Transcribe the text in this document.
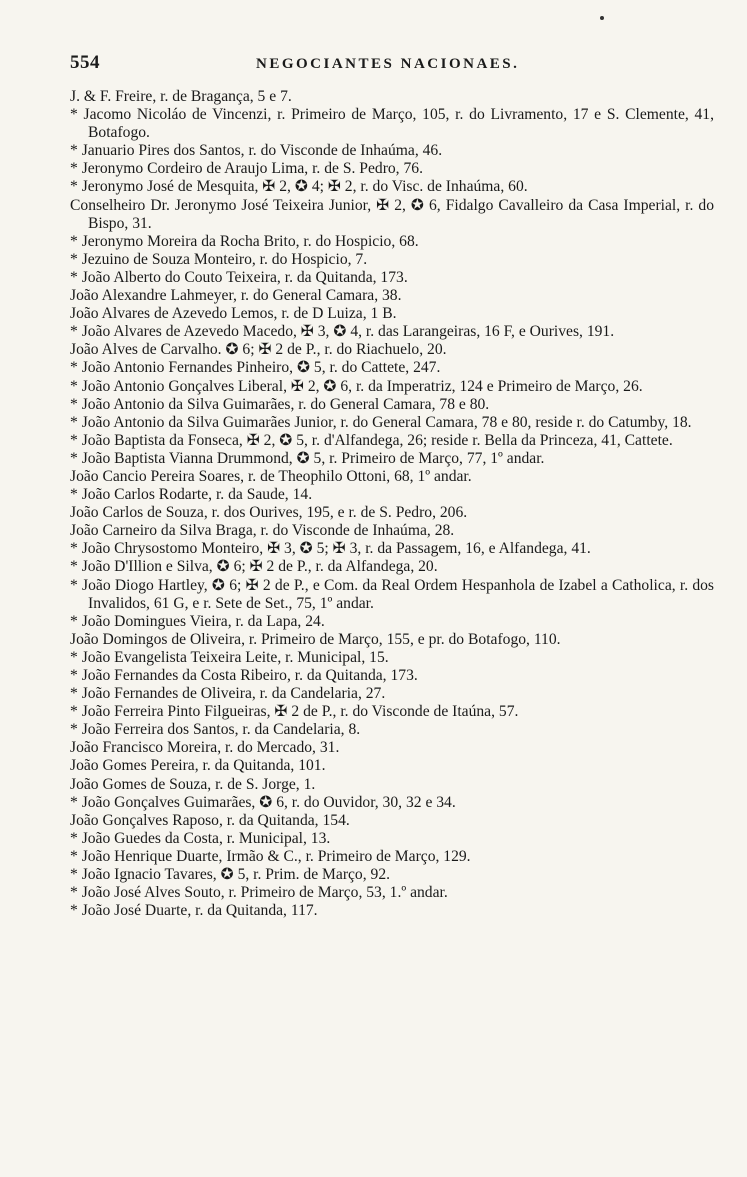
554	NEGOCIANTES NACIONAES.
J. & F. Freire, r. de Bragança, 5 e 7.
* Jacomo Nicoláo de Vincenzi, r. Primeiro de Março, 105, r. do Livramento, 17 e S. Clemente, 41, Botafogo.
* Januario Pires dos Santos, r. do Visconde de Inhaúma, 46.
* Jeronymo Cordeiro de Araujo Lima, r. de S. Pedro, 76.
* Jeronymo José de Mesquita, ✠ 2, ✪ 4; ✠ 2, r. do Visc. de Inhaúma, 60.
Conselheiro Dr. Jeronymo José Teixeira Junior, ✠ 2, ✪ 6, Fidalgo Cavalleiro da Casa Imperial, r. do Bispo, 31.
* Jeronymo Moreira da Rocha Brito, r. do Hospicio, 68.
* Jezuino de Souza Monteiro, r. do Hospicio, 7.
* João Alberto do Couto Teixeira, r. da Quitanda, 173.
João Alexandre Lahmeyer, r. do General Camara, 38.
João Alvares de Azevedo Lemos, r. de D Luiza, 1 B.
* João Alvares de Azevedo Macedo, ✠ 3, ✪ 4, r. das Larangeiras, 16 F, e Ourives, 191.
João Alves de Carvalho. ✪ 6; ✠ 2 de P., r. do Riachuelo, 20.
* João Antonio Fernandes Pinheiro, ✪ 5, r. do Cattete, 247.
* João Antonio Gonçalves Liberal, ✠ 2, ✪ 6, r. da Imperatriz, 124 e Primeiro de Março, 26.
* João Antonio da Silva Guimarães, r. do General Camara, 78 e 80.
* João Antonio da Silva Guimarães Junior, r. do General Camara, 78 e 80, reside r. do Catumby, 18.
* João Baptista da Fonseca, ✠ 2, ✪ 5, r. d'Alfandega, 26; reside r. Bella da Princeza, 41, Cattete.
* João Baptista Vianna Drummond, ✪ 5, r. Primeiro de Março, 77, 1º andar.
João Cancio Pereira Soares, r. de Theophilo Ottoni, 68, 1º andar.
* João Carlos Rodarte, r. da Saude, 14.
João Carlos de Souza, r. dos Ourives, 195, e r. de S. Pedro, 206.
João Carneiro da Silva Braga, r. do Visconde de Inhaúma, 28.
* João Chrysostomo Monteiro, ✠ 3, ✪ 5; ✠ 3, r. da Passagem, 16, e Alfandega, 41.
* João D'Illion e Silva, ✪ 6; ✠ 2 de P., r. da Alfandega, 20.
* João Diogo Hartley, ✪ 6; ✠ 2 de P., e Com. da Real Ordem Hespanhola de Izabel a Catholica, r. dos Invalidos, 61 G, e r. Sete de Set., 75, 1º andar.
* João Domingues Vieira, r. da Lapa, 24.
João Domingos de Oliveira, r. Primeiro de Março, 155, e pr. do Botafogo, 110.
* João Evangelista Teixeira Leite, r. Municipal, 15.
* João Fernandes da Costa Ribeiro, r. da Quitanda, 173.
* João Fernandes de Oliveira, r. da Candelaria, 27.
* João Ferreira Pinto Filgueiras, ✠ 2 de P., r. do Visconde de Itaúna, 57.
* João Ferreira dos Santos, r. da Candelaria, 8.
João Francisco Moreira, r. do Mercado, 31.
João Gomes Pereira, r. da Quitanda, 101.
João Gomes de Souza, r. de S. Jorge, 1.
* João Gonçalves Guimarães, ✪ 6, r. do Ouvidor, 30, 32 e 34.
João Gonçalves Raposo, r. da Quitanda, 154.
* João Guedes da Costa, r. Municipal, 13.
* João Henrique Duarte, Irmão & C., r. Primeiro de Março, 129.
* João Ignacio Tavares, ✪ 5, r. Prim. de Março, 92.
* João José Alves Souto, r. Primeiro de Março, 53, 1.º andar.
* João José Duarte, r. da Quitanda, 117.
